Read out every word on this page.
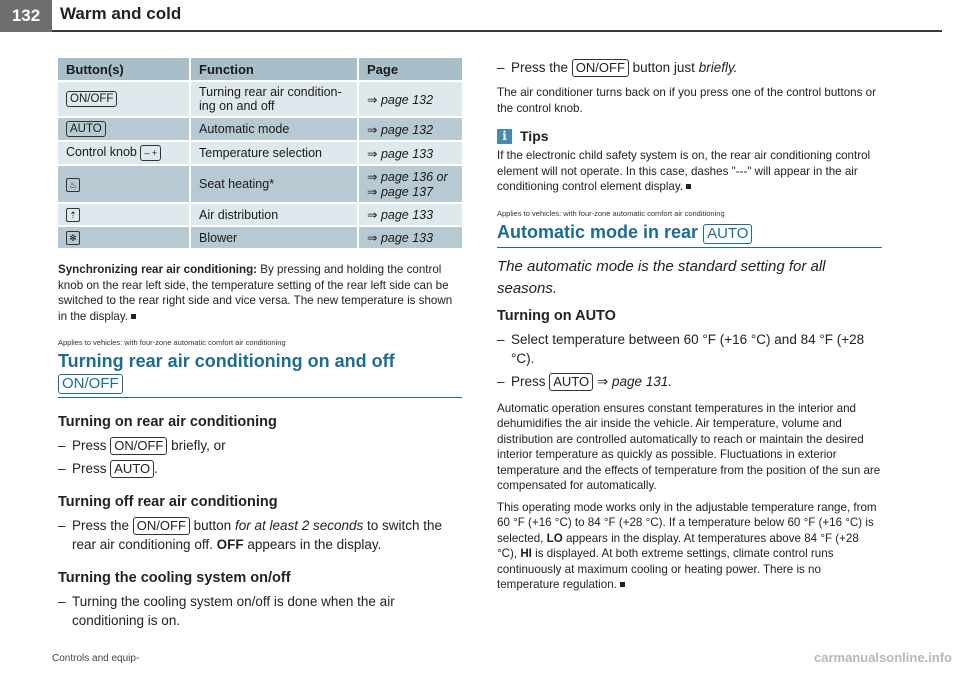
132	Warm and cold
Button(s)	Function	Page
ON/OFF	Turning rear air condition-ing on and off	⇒ page 132
AUTO	Automatic mode	⇒ page 132
Control knob – +	Temperature selection	⇒ page 133
♨	Seat heating*	⇒ page 136 or ⇒ page 137
⇡	Air distribution	⇒ page 133
✻	Blower	⇒ page 133

Synchronizing rear air conditioning: By pressing and holding the control knob on the rear left side, the temperature setting of the rear left side can be switched to the rear right side and vice versa. The new temperature is shown in the display.

Applies to vehicles: with four-zone automatic comfort air conditioning
Turning rear air conditioning on and off
ON/OFF
Turning on rear air conditioning
– Press ON/OFF briefly, or
– Press AUTO .
Turning off rear air conditioning
– Press the ON/OFF button for at least 2 seconds to switch the rear air conditioning off. OFF appears in the display.
Turning the cooling system on/off
– Turning the cooling system on/off is done when the air conditioning is on.
– Press the ON/OFF button just briefly.

The air conditioner turns back on if you press one of the control buttons or the control knob.

i Tips

If the electronic child safety system is on, the rear air conditioning control element will not operate. In this case, dashes "---" will appear in the air conditioning control element display.

Applies to vehicles: with four-zone automatic comfort air conditioning
Automatic mode in rear AUTO
The automatic mode is the standard setting for all seasons.
Turning on AUTO
– Select temperature between 60 °F (+16 °C) and 84 °F (+28 °C).
– Press AUTO ⇒ page 131.

Automatic operation ensures constant temperatures in the interior and dehumidifies the air inside the vehicle. Air temperature, volume and distribution are controlled automatically to reach or maintain the desired interior temperature as quickly as possible. Fluctuations in exterior temperature and the effects of temperature from the position of the sun are compensated for automatically.

This operating mode works only in the adjustable temperature range, from 60 °F (+16 °C) to 84 °F (+28 °C). If a temperature below 60 °F (+16 °C) is selected, LO appears in the display. At temperatures above 84 °F (+28 °C), HI is displayed. At both extreme settings, climate control runs continuously at maximum cooling or heating power. There is no temperature regulation.

Controls and equip-	carmanualsonline.info
